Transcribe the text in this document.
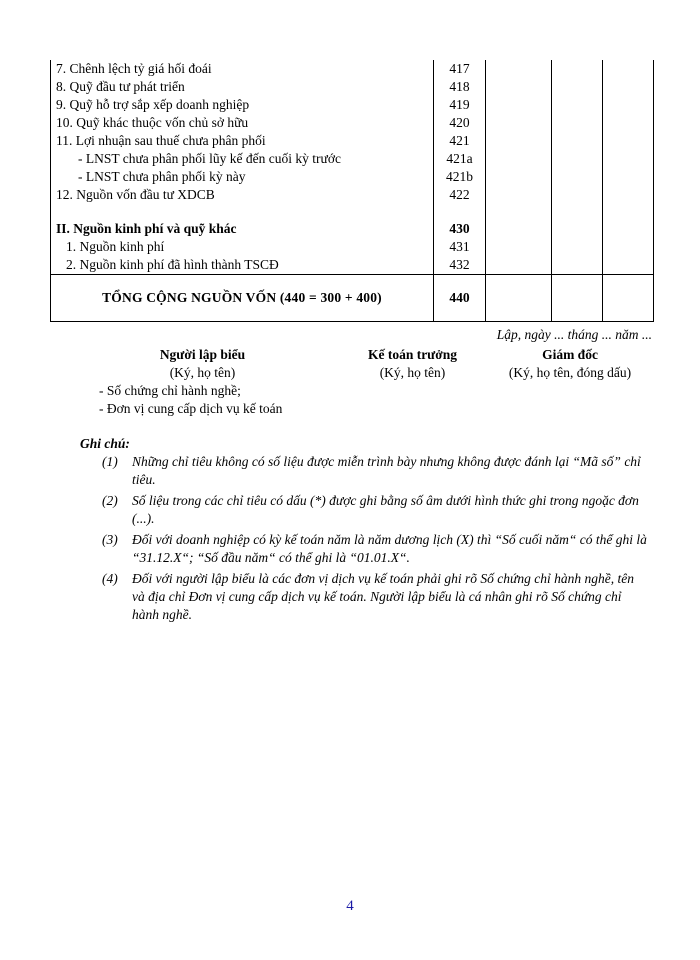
7. Chênh lệch tỷ giá hối đoái	417			
8. Quỹ đầu tư phát triển	418			
9. Quỹ hỗ trợ sắp xếp doanh nghiệp	419			
10. Quỹ khác thuộc vốn chủ sở hữu	420			
11. Lợi nhuận sau thuế chưa phân phối	421			
- LNST chưa phân phối lũy kế đến cuối kỳ trước	421a			
- LNST chưa phân phối kỳ này	421b			
12. Nguồn vốn đầu tư XDCB	422			

II. Nguồn kinh phí và quỹ khác	430			
1. Nguồn kinh phí	431			
2. Nguồn kinh phí đã hình thành TSCĐ	432			
TỔNG CỘNG NGUỒN VỐN (440 = 300 + 400)	440			
Lập, ngày ... tháng ... năm ...
Người lập biểu
(Ký, họ tên)
Kế toán trưởng
(Ký, họ tên)
Giám đốc
(Ký, họ tên, đóng dấu)
- Số chứng chỉ hành nghề;
- Đơn vị cung cấp dịch vụ kế toán
Ghi chú:
(1)	Những chỉ tiêu không có số liệu được miễn trình bày nhưng không được đánh lại “Mã số” chỉ tiêu.
(2)	Số liệu trong các chỉ tiêu có dấu (*) được ghi bằng số âm dưới hình thức ghi trong ngoặc đơn (...).
(3)	Đối với doanh nghiệp có kỳ kế toán năm là năm dương lịch (X) thì “Số cuối năm“ có thể ghi là “31.12.X“; “Số đầu năm“ có thể ghi là “01.01.X“.
(4)	Đối với người lập biểu là các đơn vị dịch vụ kế toán phải ghi rõ Số chứng chỉ hành nghề, tên và địa chỉ Đơn vị cung cấp dịch vụ kế toán. Người lập biểu là cá nhân ghi rõ Số chứng chỉ hành nghề.
4
